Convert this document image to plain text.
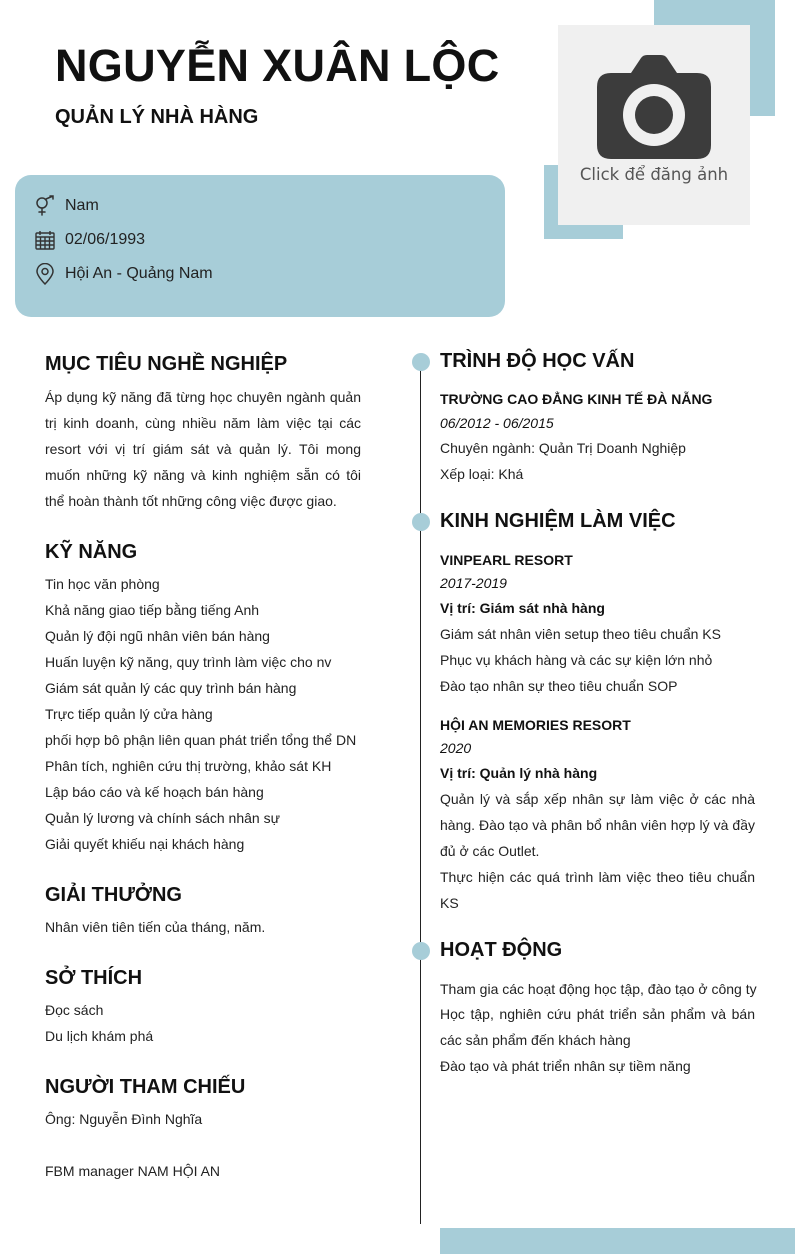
Click để đăng ảnh
NGUYỄN XUÂN LỘC
QUẢN LÝ NHÀ HÀNG
Nam
02/06/1993
Hội An - Quảng Nam
MỤC TIÊU NGHỀ NGHIỆP
Áp dụng kỹ năng đã từng học chuyên ngành quản trị kinh doanh, cùng nhiều năm làm việc tại các resort với vị trí giám sát và quản lý. Tôi mong muốn những kỹ năng và kinh nghiệm sẵn có tôi thể hoàn thành tốt những công việc được giao.
KỸ NĂNG
Tin học văn phòng
Khả năng giao tiếp bằng tiếng Anh
Quản lý đội ngũ nhân viên bán hàng
Huấn luyện kỹ năng, quy trình làm việc cho nv
Giám sát quản lý các quy trình bán hàng
Trực tiếp quản lý cửa hàng
phối hợp bô phận liên quan phát triển tổng thể DN
Phân tích, nghiên cứu thị trường, khảo sát KH
Lập báo cáo và kế hoạch bán hàng
Quản lý lương và chính sách nhân sự
Giải quyết khiếu nại khách hàng
GIẢI THƯỞNG
Nhân viên tiên tiến của tháng, năm.
SỞ THÍCH
Đọc sách
Du lịch khám phá
NGƯỜI THAM CHIẾU
Ông: Nguyễn Đình Nghĩa
FBM manager NAM HỘI AN
TRÌNH ĐỘ HỌC VẤN
TRƯỜNG CAO ĐẲNG KINH TẾ ĐÀ NẴNG
06/2012 - 06/2015
Chuyên ngành: Quản Trị Doanh Nghiệp
Xếp loại: Khá
KINH NGHIỆM LÀM VIỆC
VINPEARL RESORT
2017-2019
Vị trí: Giám sát nhà hàng
Giám sát nhân viên setup theo tiêu chuẩn KS
Phục vụ khách hàng và các sự kiện lớn nhỏ
Đào tạo nhân sự theo tiêu chuẩn SOP
HỘI AN MEMORIES RESORT
2020
Vị trí: Quản lý nhà hàng
Quản lý và sắp xếp nhân sự làm việc ở các nhà hàng. Đào tạo và phân bổ nhân viên hợp lý và đầy đủ ở các Outlet.
Thực hiện các quá trình làm việc theo tiêu chuẩn KS
HOẠT ĐỘNG
Tham gia các hoạt động học tập, đào tạo ở công ty
Học tập, nghiên cứu phát triển sản phẩm và bán các sản phẩm đến khách hàng
Đào tạo và phát triển nhân sự tiềm năng
